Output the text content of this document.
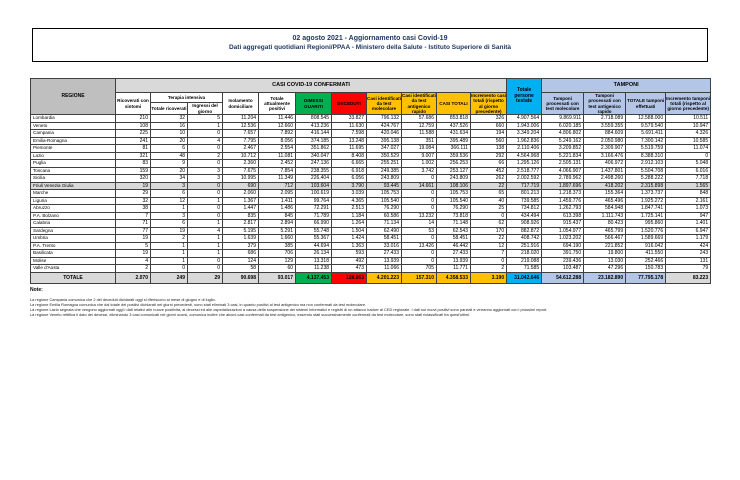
02 agosto 2021 - Aggiornamento casi Covid-19
Dati aggregati quotidiani Regioni/PPAA - Ministero della Salute - Istituto Superiore di Sanità
REGIONE	CASI COVID-19 CONFERMATI											Totale persone testate	TAMPONI			
	Ricoverati con sintomi	Terapia intensiva		Isolamento domiciliare	Totale attualmente positivi	DIMESSI GUARITI	DECEDUTI	Casi identificati da test molecolare	Casi identificati da test antigenico rapido	CASI TOTALI	Incremento casi totali (rispetto al giorno precedente)		Tamponi processati con test molecolare	Tamponi processati con test antigenico rapido	TOTALE tamponi effettuati	Incremento tamponi totali (rispetto al giorno precedente)
		Totale ricoverati	Ingressi del giorno													
Lombardia	210	32	5	11.204	11.446	808.545	33.827	796.132	57.686	853.818	326	4.907.564	9.869.911	2.718.089	12.588.000	10.511
Veneto	108	16	1	12.536	12.660	413.236	11.630	424.767	12.759	437.526	660	1.943.006	6.020.185	3.559.355	9.579.540	10.947
Campania	225	10	0	7.657	7.892	416.144	7.598	420.046	11.588	431.634	194	3.349.204	4.806.802	884.609	5.691.411	4.326
Emilia-Romagna	241	20	4	7.795	8.056	374.185	13.248	395.138	351	395.489	560	1.962.836	5.249.162	2.050.980	7.300.142	10.585
Piemonte	81	6	0	2.467	2.554	351.862	11.695	347.027	19.084	366.111	138	2.110.406	3.209.852	2.309.907	5.519.759	11.074
Lazio	321	48	2	10.712	11.081	340.047	8.408	350.529	9.007	359.536	292	4.564.968	5.221.834	3.166.476	8.388.310	0
Puglia	83	9	0	2.360	2.452	247.136	6.665	255.251	1.002	256.253	66	1.295.126	2.505.131	406.972	2.912.103	5.048
Toscana	159	20	3	7.675	7.854	238.355	6.918	249.385	3.742	253.127	452	2.518.777	4.066.907	1.437.801	5.504.708	6.016
Sicilia	320	34	3	10.995	11.349	226.404	6.056	243.809	0	243.809	262	2.002.592	2.789.962	2.498.260	5.288.222	7.718
Friuli Venezia Giulia	19	3	0	690	712	103.604	3.790	93.445	14.661	108.106	22	717.719	1.897.696	418.202	2.315.898	1.565
Marche	29	6	0	2.060	2.095	100.619	3.039	105.753	0	105.753	65	801.213	1.218.373	155.364	1.373.737	848
Liguria	32	12	1	1.367	1.411	99.764	4.365	105.540	0	105.540	40	739.585	1.459.776	465.496	1.925.272	2.161
Abruzzo	38	1	0	1.447	1.486	72.291	2.513	76.290	0	76.290	25	734.812	1.262.793	584.948	1.847.741	1.073
P.A. Bolzano	7	3	0	835	845	71.789	1.184	60.586	13.232	73.818	0	434.494	613.398	1.111.743	1.725.141	947
Calabria	71	6	1	2.817	2.894	66.990	1.264	71.134	14	71.148	62	908.926	915.437	80.423	995.860	1.401
Sardegna	77	19	4	5.195	5.291	55.748	1.504	62.490	53	62.543	170	882.872	1.054.977	465.799	1.520.776	6.947
Umbria	19	2	1	1.639	1.660	55.367	1.424	58.451	0	58.451	22	408.742	1.023.202	566.467	1.589.669	1.179
P.A. Trento	5	1	1	379	385	44.694	1.363	33.016	13.426	46.442	12	251.916	694.190	221.852	916.042	424
Basilicata	19	1	1	686	706	26.134	593	27.433	0	27.433	7	218.020	391.750	19.800	411.550	243
Molise	4	1	0	124	129	13.318	492	13.939	0	13.939	0	219.088	239.436	13.030	252.466	131
Valle d'Aosta	2	0	0	58	60	11.238	473	11.066	705	11.771	2	71.585	103.487	47.296	150.783	79
TOTALE	2.070	249	29	90.698	93.017	4.137.453	128.063	4.201.223	157.310	4.358.533	3.190	31.042.646	54.612.288	23.182.890	77.795.178	83.223
Note:
La regione Campania comunica che 2 dei deceduti dichiarati oggi si riferiscono al mese di giugno e di luglio.
La regione Emilia Romagna comunica che dal totale dei positivi dichiarati nei giorni precedenti, sono stati eliminati 3 casi, in quanto positivi al test antigenico ma non confermati da test molecolare.
La regione Lazio segnala che vengono aggiornati oggi i dati relativi alle nuove positività, ai decessi ed alle ospedalizzazioni a causa della sospensione dei sistemi informatici e registri di un attacco hacker al CED regionale. I dati sui nuovi positivi sono parziali e verranno aggiornati con i prossimi report.
La regione Veneto rettifica il dato dei decessi, eliminando 3 casi comunicati nei giorni scorsi, comunica inoltre che alcuni casi confermati da test antigenico, essendo stati successivamente confermati da test molecolare, sono stati riclassificati tra quest'ultimi.
